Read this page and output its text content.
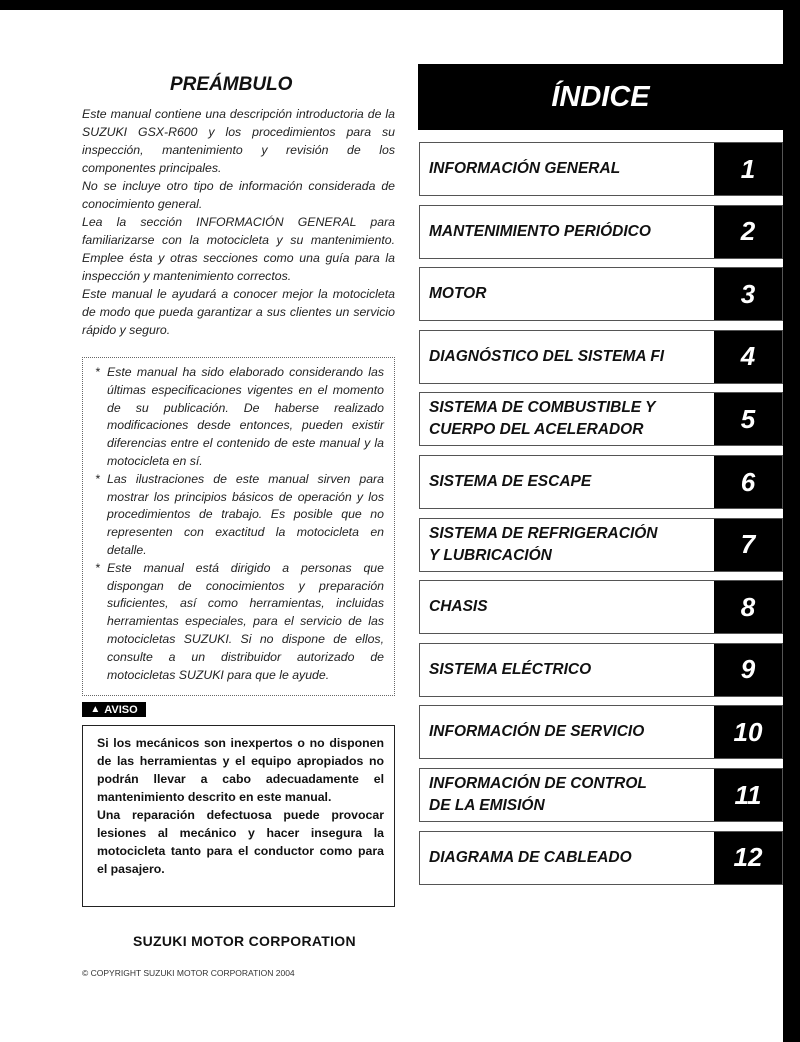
PREÁMBULO

Este manual contiene una descripción introductoria de la SUZUKI GSX-R600 y los procedimientos para su inspección, mantenimiento y revisión de los componentes principales.

No se incluye otro tipo de información considerada de conocimiento general.

Lea la sección INFORMACIÓN GENERAL para familiarizarse con la motocicleta y su mantenimiento. Emplee ésta y otras secciones como una guía para la inspección y mantenimiento correctos.

Este manual le ayudará a conocer mejor la motocicleta de modo que pueda garantizar a sus clientes un servicio rápido y seguro.

* Este manual ha sido elaborado considerando las últimas especificaciones vigentes en el momento de su publicación. De haberse realizado modificaciones desde entonces, pueden existir diferencias entre el contenido de este manual y la motocicleta en sí.

* Las ilustraciones de este manual sirven para mostrar los principios básicos de operación y los procedimientos de trabajo. Es posible que no representen con exactitud la motocicleta en detalle.

* Este manual está dirigido a personas que dispongan de conocimientos y preparación suficientes, así como herramientas, incluidas herramientas especiales, para el servicio de las motocicletas SUZUKI. Si no dispone de ellos, consulte a un distribuidor autorizado de motocicletas SUZUKI para que le ayude.

▲ AVISO

Si los mecánicos son inexpertos o no disponen de las herramientas y el equipo apropiados no podrán llevar a cabo adecuadamente el mantenimiento descrito en este manual.

Una reparación defectuosa puede provocar lesiones al mecánico y hacer insegura la motocicleta tanto para el conductor como para el pasajero.

SUZUKI MOTOR CORPORATION
© COPYRIGHT SUZUKI MOTOR CORPORATION 2004
ÍNDICE
INFORMACIÓN GENERAL	1
MANTENIMIENTO PERIÓDICO	2
MOTOR	3
DIAGNÓSTICO DEL SISTEMA FI	4
SISTEMA DE COMBUSTIBLE Y
CUERPO DEL ACELERADOR	5
SISTEMA DE ESCAPE	6
SISTEMA DE REFRIGERACIÓN
Y LUBRICACIÓN	7
CHASIS	8
SISTEMA ELÉCTRICO	9
INFORMACIÓN DE SERVICIO	10
INFORMACIÓN DE CONTROL
DE LA EMISIÓN	11
DIAGRAMA DE CABLEADO	12
